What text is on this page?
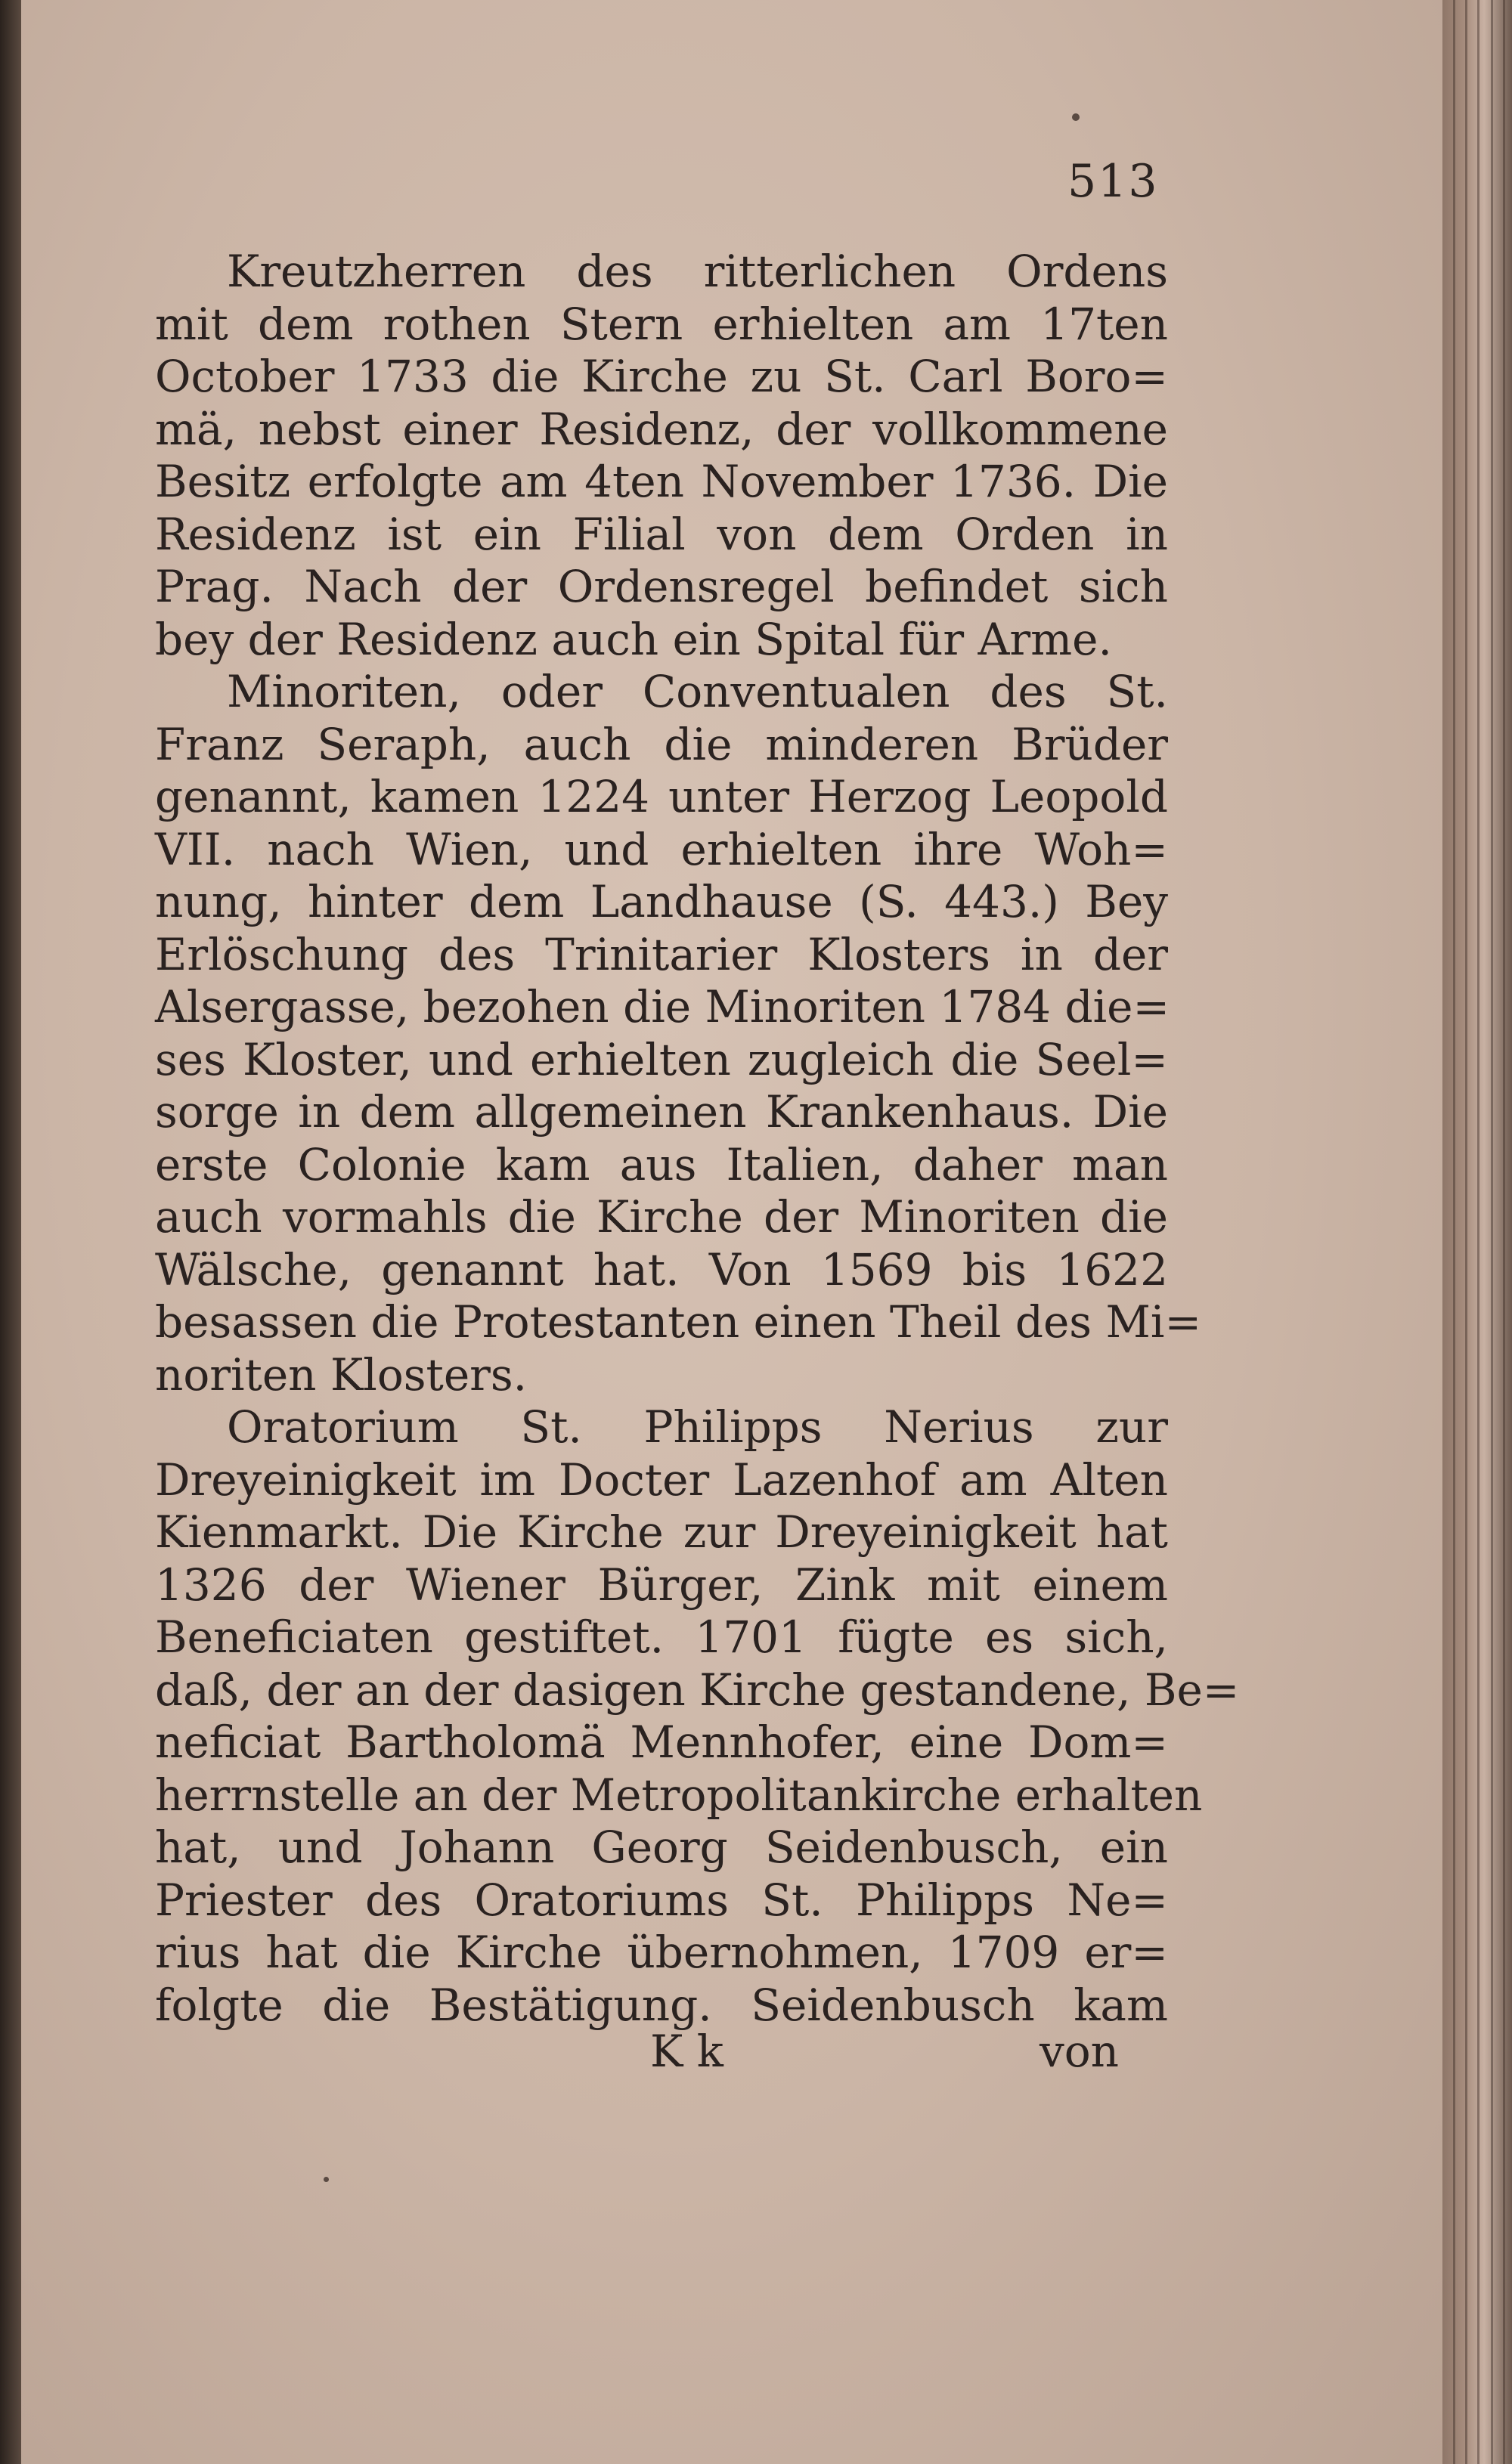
513
Kreutzherren des ritterlichen Ordens
mit dem rothen Stern erhielten am 17ten
October 1733 die Kirche zu St. Carl Boro=
mä, nebst einer Residenz, der vollkommene
Besitz erfolgte am 4ten November 1736. Die
Residenz ist ein Filial von dem Orden in
Prag. Nach der Ordensregel befindet sich
bey der Residenz auch ein Spital für Arme.
Minoriten, oder Conventualen des St.
Franz Seraph, auch die minderen Brüder
genannt, kamen 1224 unter Herzog Leopold
VII. nach Wien, und erhielten ihre Woh=
nung, hinter dem Landhause (S. 443.) Bey
Erlöschung des Trinitarier Klosters in der
Alsergasse, bezohen die Minoriten 1784 die=
ses Kloster, und erhielten zugleich die Seel=
sorge in dem allgemeinen Krankenhaus. Die
erste Colonie kam aus Italien, daher man
auch vormahls die Kirche der Minoriten die
Wälsche, genannt hat. Von 1569 bis 1622
besassen die Protestanten einen Theil des Mi=
noriten Klosters.
Oratorium St. Philipps Nerius zur
Dreyeinigkeit im Docter Lazenhof am Alten
Kienmarkt. Die Kirche zur Dreyeinigkeit hat
1326 der Wiener Bürger, Zink mit einem
Beneficiaten gestiftet. 1701 fügte es sich,
daß, der an der dasigen Kirche gestandene, Be=
neficiat Bartholomä Mennhofer, eine Dom=
herrnstelle an der Metropolitankirche erhalten
hat, und Johann Georg Seidenbusch, ein
Priester des Oratoriums St. Philipps Ne=
rius hat die Kirche übernohmen, 1709 er=
folgte die Bestätigung. Seidenbusch kam
K k	von
